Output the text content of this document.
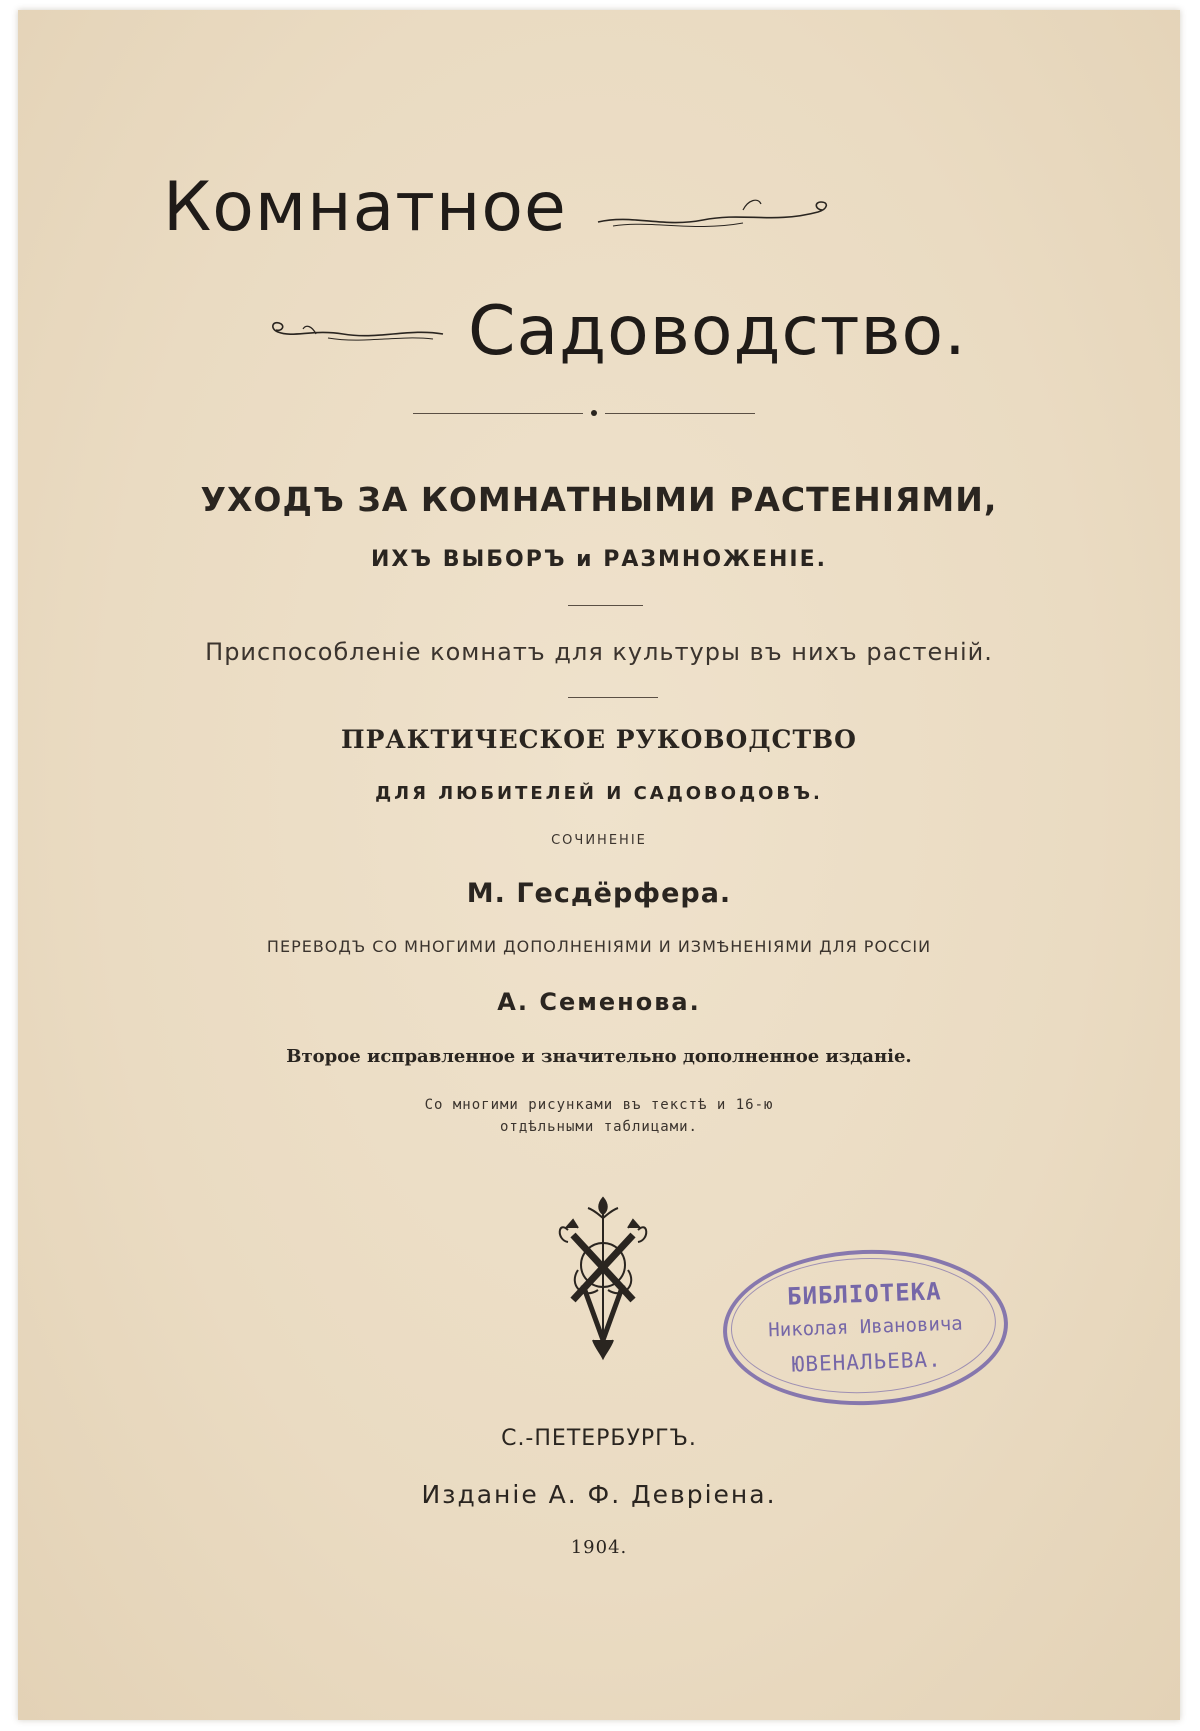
Комнатное
Садоводство.
УХОДЪ ЗА КОМНАТНЫМИ РАСТЕНІЯМИ,
ИХЪ ВЫБОРЪ и РАЗМНОЖЕНІЕ.
Приспособленіе комнатъ для культуры въ нихъ растеній.
ПРАКТИЧЕСКОЕ РУКОВОДСТВО
ДЛЯ ЛЮБИТЕЛЕЙ И САДОВОДОВЪ.
СОЧИНЕНІЕ
М. Гесдёрфера.
ПЕРЕВОДЪ СО МНОГИМИ ДОПОЛНЕНІЯМИ И ИЗМѢНЕНІЯМИ ДЛЯ РОССІИ
А. Семенова.
Второе исправленное и значительно дополненное изданіе.
Со многими рисунками въ текстѣ и 16-ю
отдѣльными таблицами.
БИБЛІОТЕКА
Николая Ивановича
ЮВЕНАЛЬЕВА.
С.-ПЕТЕРБУРГЪ.
Изданіе А. Ф. Девріена.
1904.
